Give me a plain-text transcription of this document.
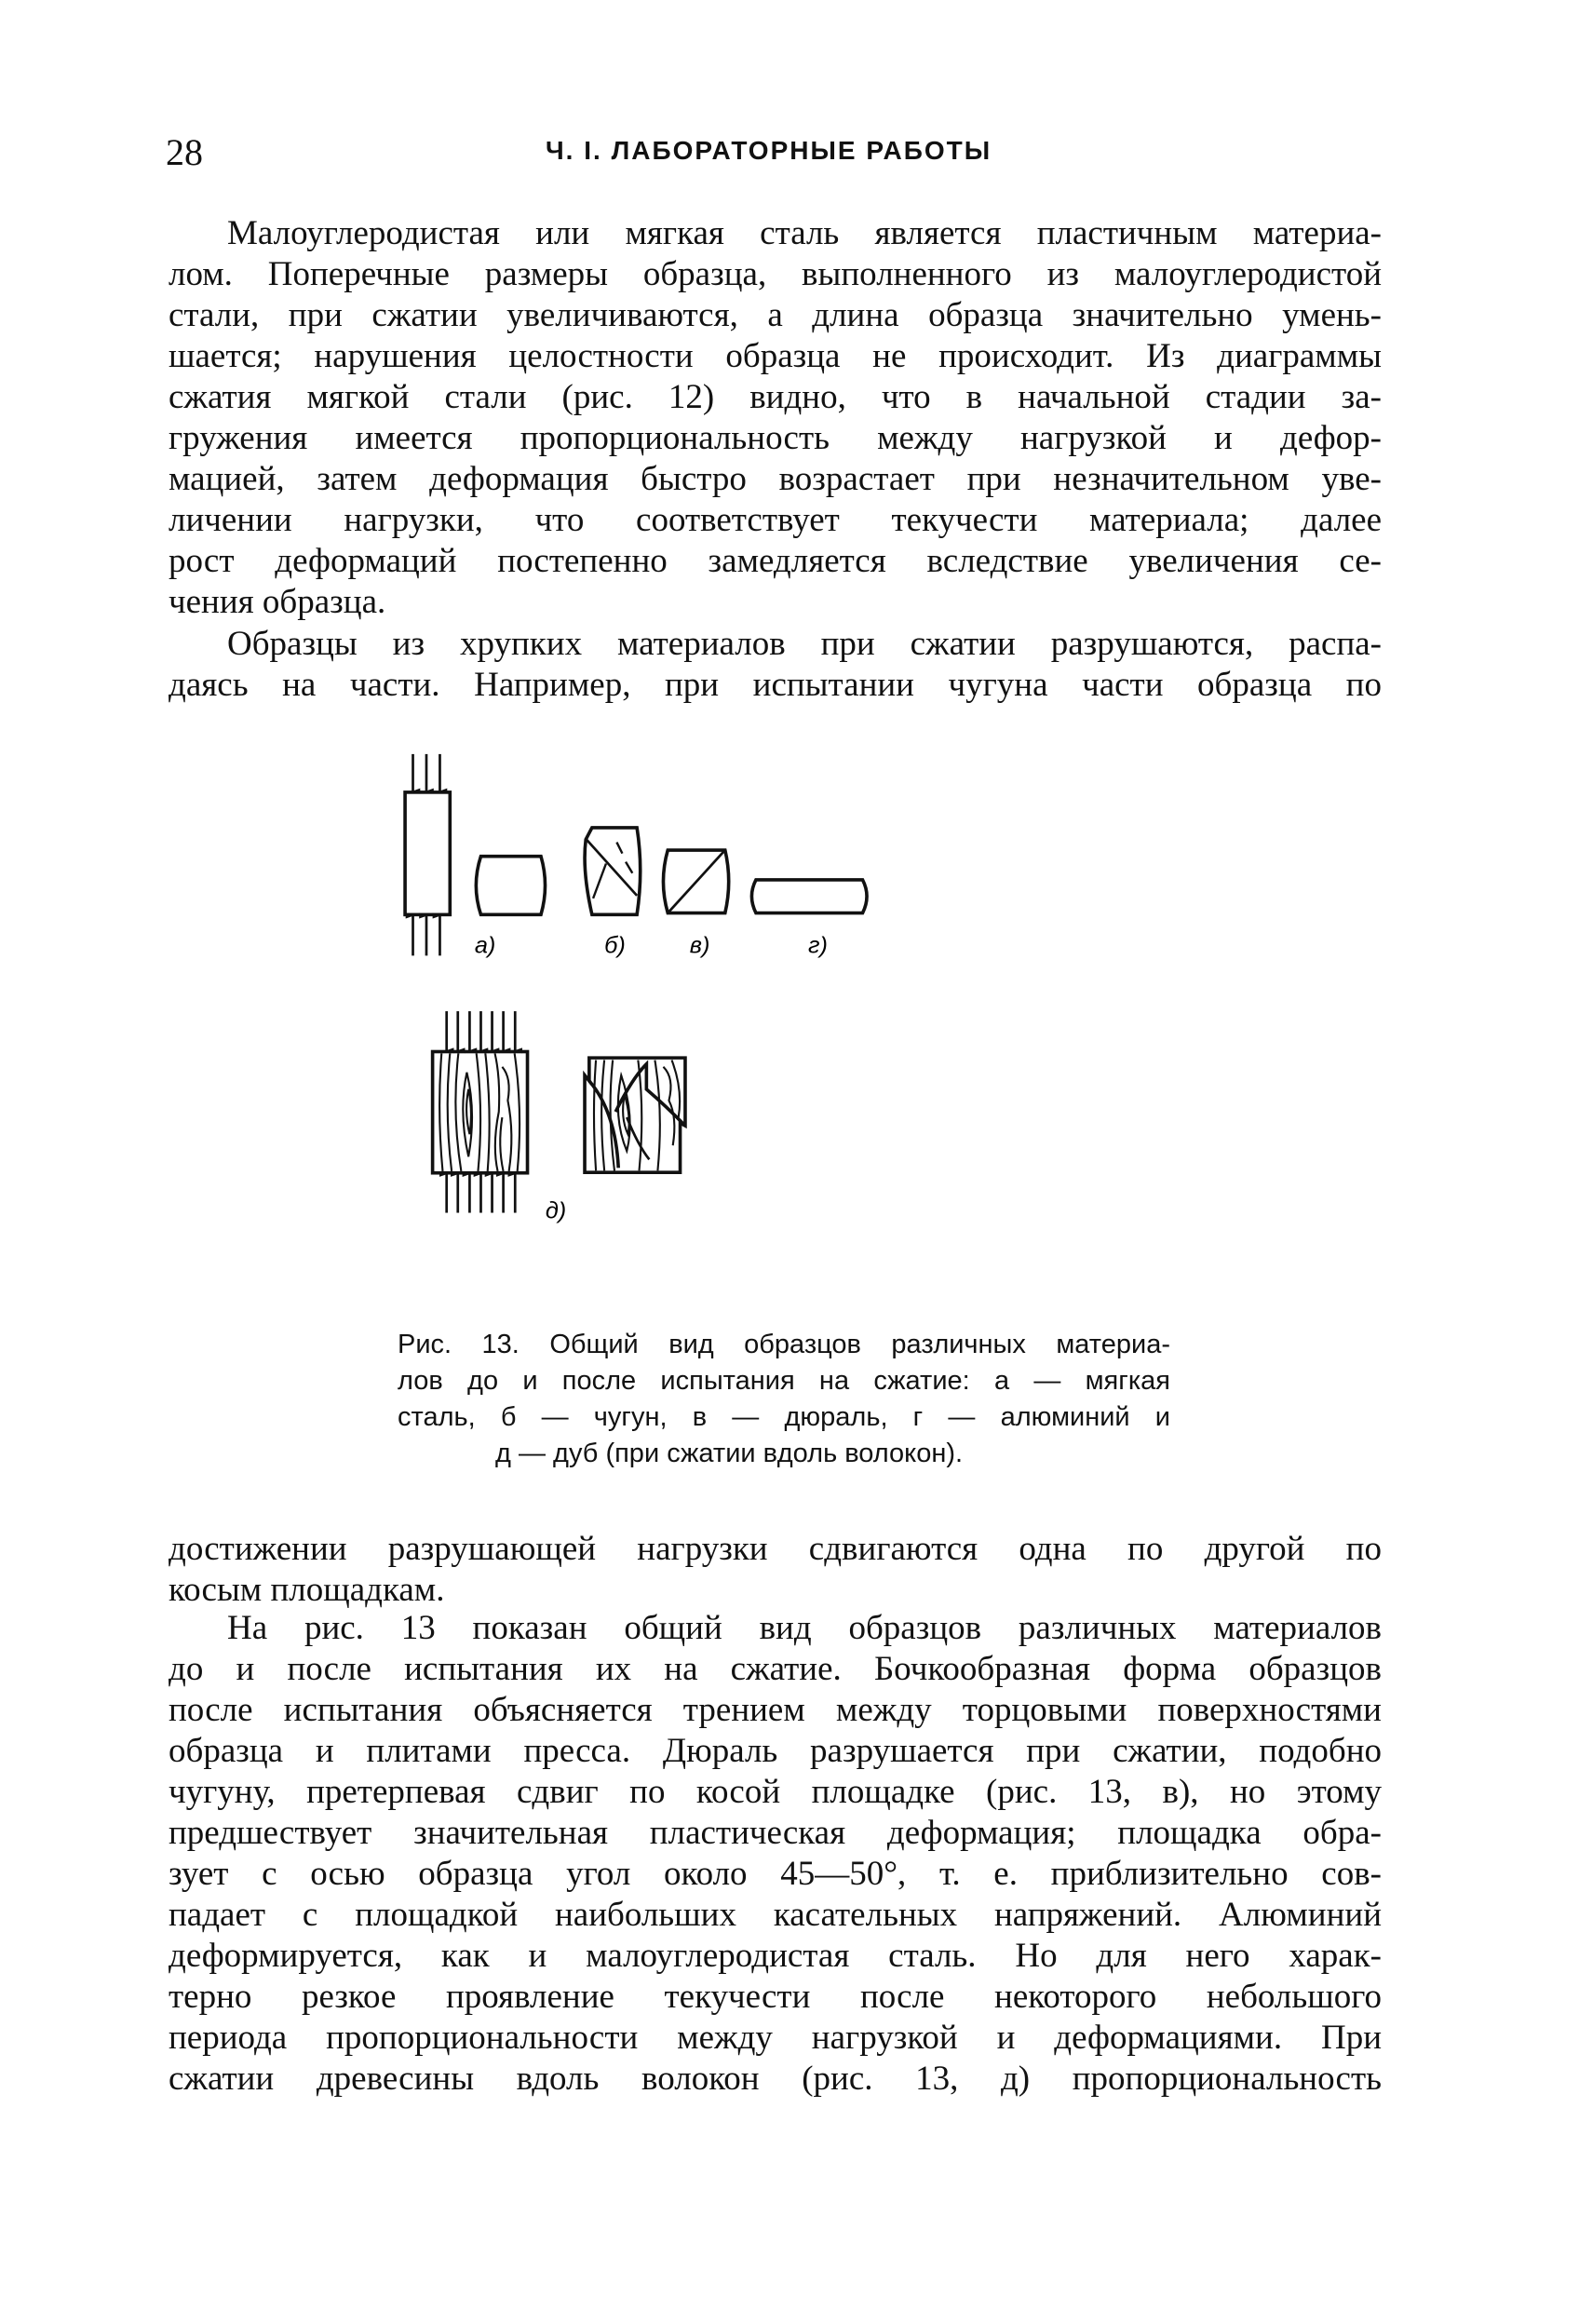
28	Ч. I. ЛАБОРАТОРНЫЕ РАБОТЫ
Малоуглеродистая или мягкая сталь является пластичным материа-
лом. Поперечные размеры образца, выполненного из малоуглеродистой
стали, при сжатии увеличиваются, а длина образца значительно умень-
шается; нарушения целостности образца не происходит. Из диаграммы
сжатия мягкой стали (рис. 12) видно, что в начальной стадии за-
гружения имеется пропорциональность между нагрузкой и дефор-
мацией, затем деформация быстро возрастает при незначительном уве-
личении нагрузки, что соответствует текучести материала; далее
рост деформаций постепенно замедляется вследствие увеличения се-
чения образца.
Образцы из хрупких материалов при сжатии разрушаются, распа-
даясь на части. Например, при испытании чугуна части образца по
а)	б) в)	г)
д)
Рис. 13. Общий вид образцов различных материа-
лов до и после испытания на сжатие: а — мягкая
сталь, б — чугун, в — дюраль, г — алюминий и
д — дуб (при сжатии вдоль волокон).
достижении разрушающей нагрузки сдвигаются одна по другой по
косым площадкам.
На рис. 13 показан общий вид образцов различных материалов
до и после испытания их на сжатие. Бочкообразная форма образцов
после испытания объясняется трением между торцовыми поверхностями
образца и плитами пресса. Дюраль разрушается при сжатии, подобно
чугуну, претерпевая сдвиг по косой площадке (рис. 13, в), но этому
предшествует значительная пластическая деформация; площадка обра-
зует с осью образца угол около 45—50°, т. е. приблизительно сов-
падает с площадкой наибольших касательных напряжений. Алюминий
деформируется, как и малоуглеродистая сталь. Но для него харак-
терно резкое проявление текучести после некоторого небольшого
периода пропорциональности между нагрузкой и деформациями. При
сжатии древесины вдоль волокон (рис. 13, д) пропорциональность
